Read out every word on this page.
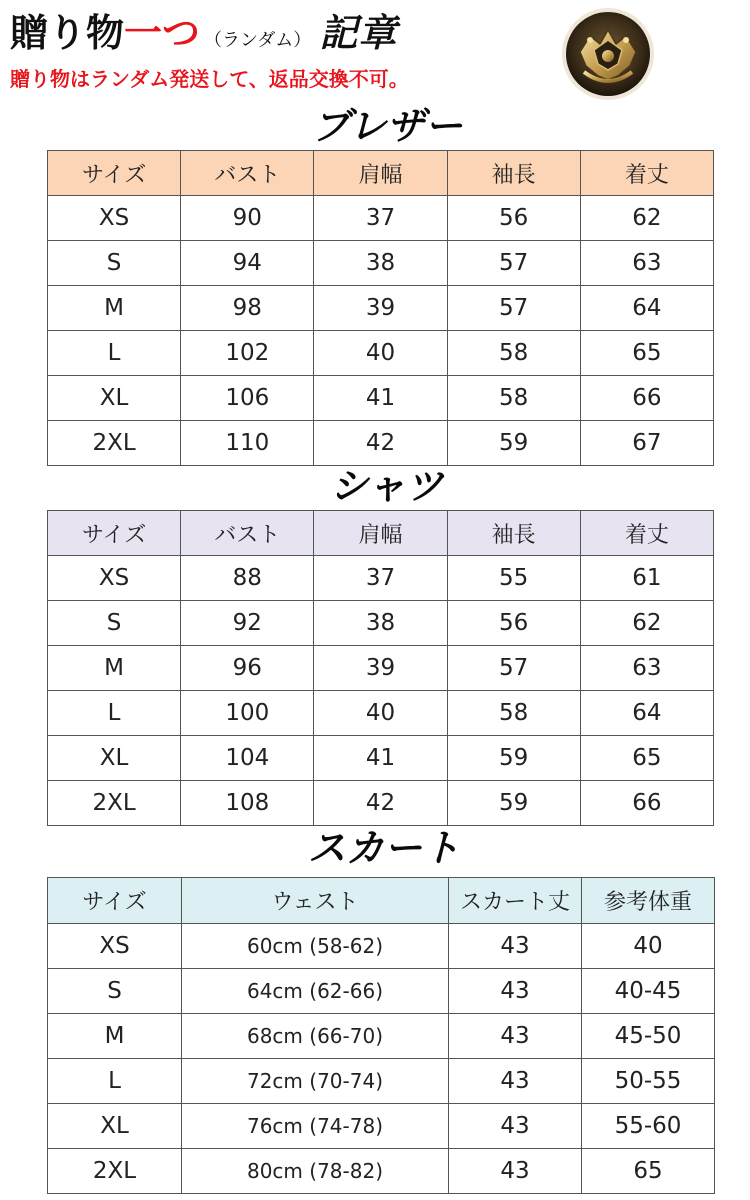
贈り物一つ （ランダム） 記章

贈り物はランダム発送して、返品交換不可。

ブレザー
サイズ	バスト	肩幅	袖長	着丈
XS	90	37	56	62
S	94	38	57	63
M	98	39	57	64
L	102	40	58	65
XL	106	41	58	66
2XL	110	42	59	67
シャツ
サイズ	バスト	肩幅	袖長	着丈
XS	88	37	55	61
S	92	38	56	62
M	96	39	57	63
L	100	40	58	64
XL	104	41	59	65
2XL	108	42	59	66
スカート
サイズ	ウェスト	スカート丈	参考体重
XS	60cm (58-62)	43	40
S	64cm (62-66)	43	40-45
M	68cm (66-70)	43	45-50
L	72cm (70-74)	43	50-55
XL	76cm (74-78)	43	55-60
2XL	80cm (78-82)	43	65
